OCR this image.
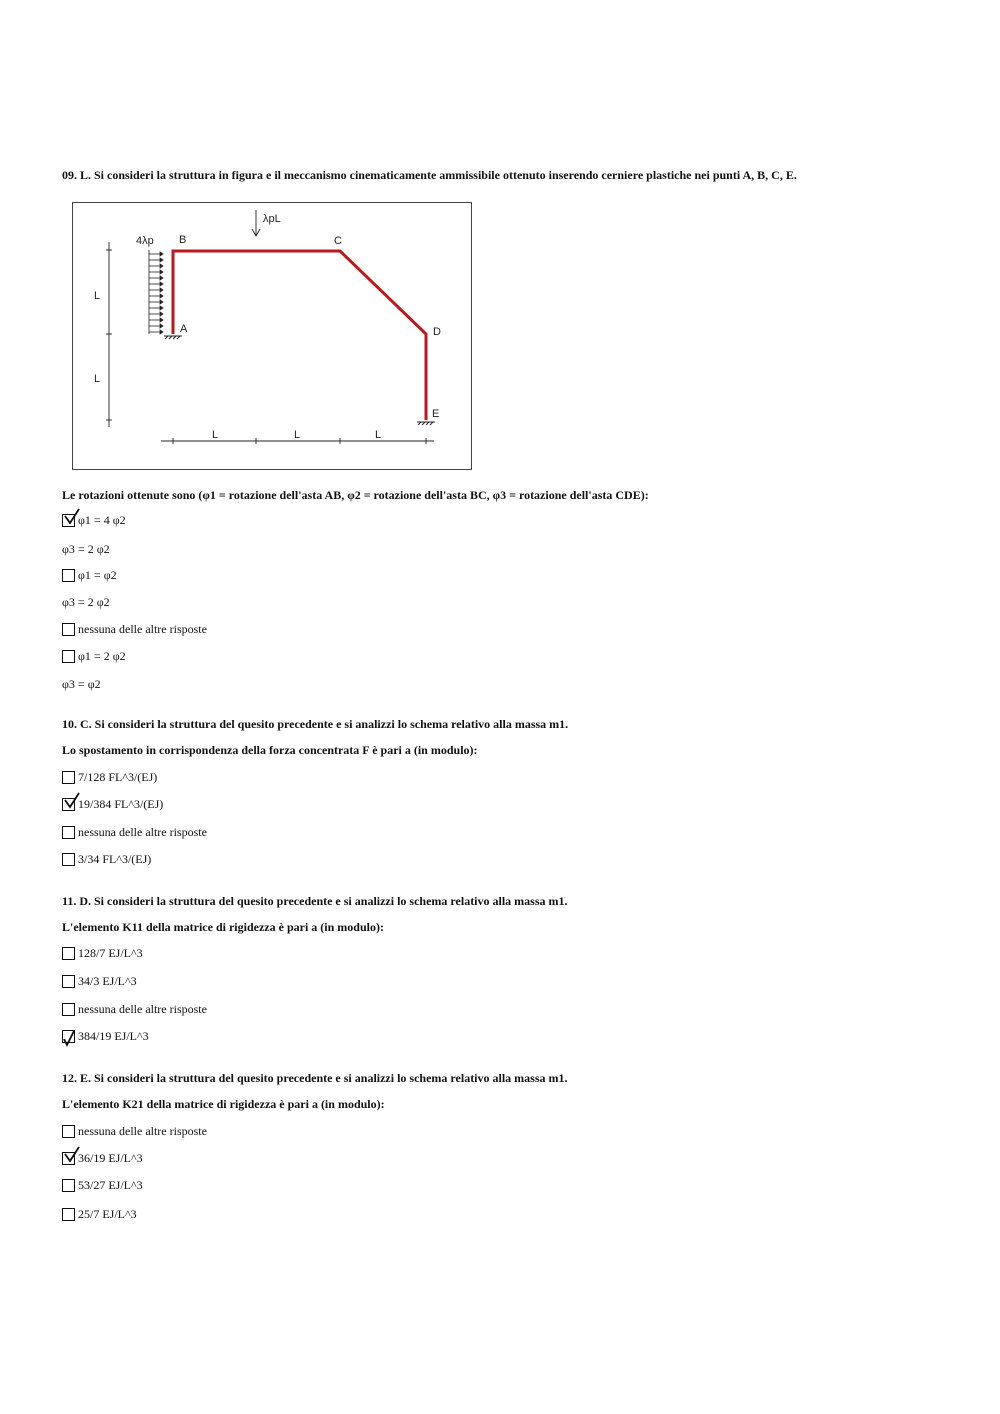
09. L. Si consideri la struttura in figura e il meccanismo cinematicamente ammissibile ottenuto inserendo cerniere plastiche nei punti A, B, C, E.
λpL
4λp B	C
A	D
E
L
L
L	L	L
Le rotazioni ottenute sono (φ1 = rotazione dell'asta AB, φ2 = rotazione dell'asta BC, φ3 = rotazione dell'asta CDE):
φ1 = 4 φ2
φ3 = 2 φ2
φ1 = φ2
φ3 = 2 φ2
nessuna delle altre risposte
φ1 = 2 φ2
φ3 = φ2
10. C. Si consideri la struttura del quesito precedente e si analizzi lo schema relativo alla massa m1.
Lo spostamento in corrispondenza della forza concentrata F è pari a (in modulo):
7/128 FL^3/(EJ)
19/384 FL^3/(EJ)
nessuna delle altre risposte
3/34 FL^3/(EJ)
11. D. Si consideri la struttura del quesito precedente e si analizzi lo schema relativo alla massa m1.
L'elemento K11 della matrice di rigidezza è pari a (in modulo):
128/7 EJ/L^3
34/3 EJ/L^3
nessuna delle altre risposte
384/19 EJ/L^3
12. E. Si consideri la struttura del quesito precedente e si analizzi lo schema relativo alla massa m1.
L'elemento K21 della matrice di rigidezza è pari a (in modulo):
nessuna delle altre risposte
36/19 EJ/L^3
53/27 EJ/L^3
25/7 EJ/L^3
